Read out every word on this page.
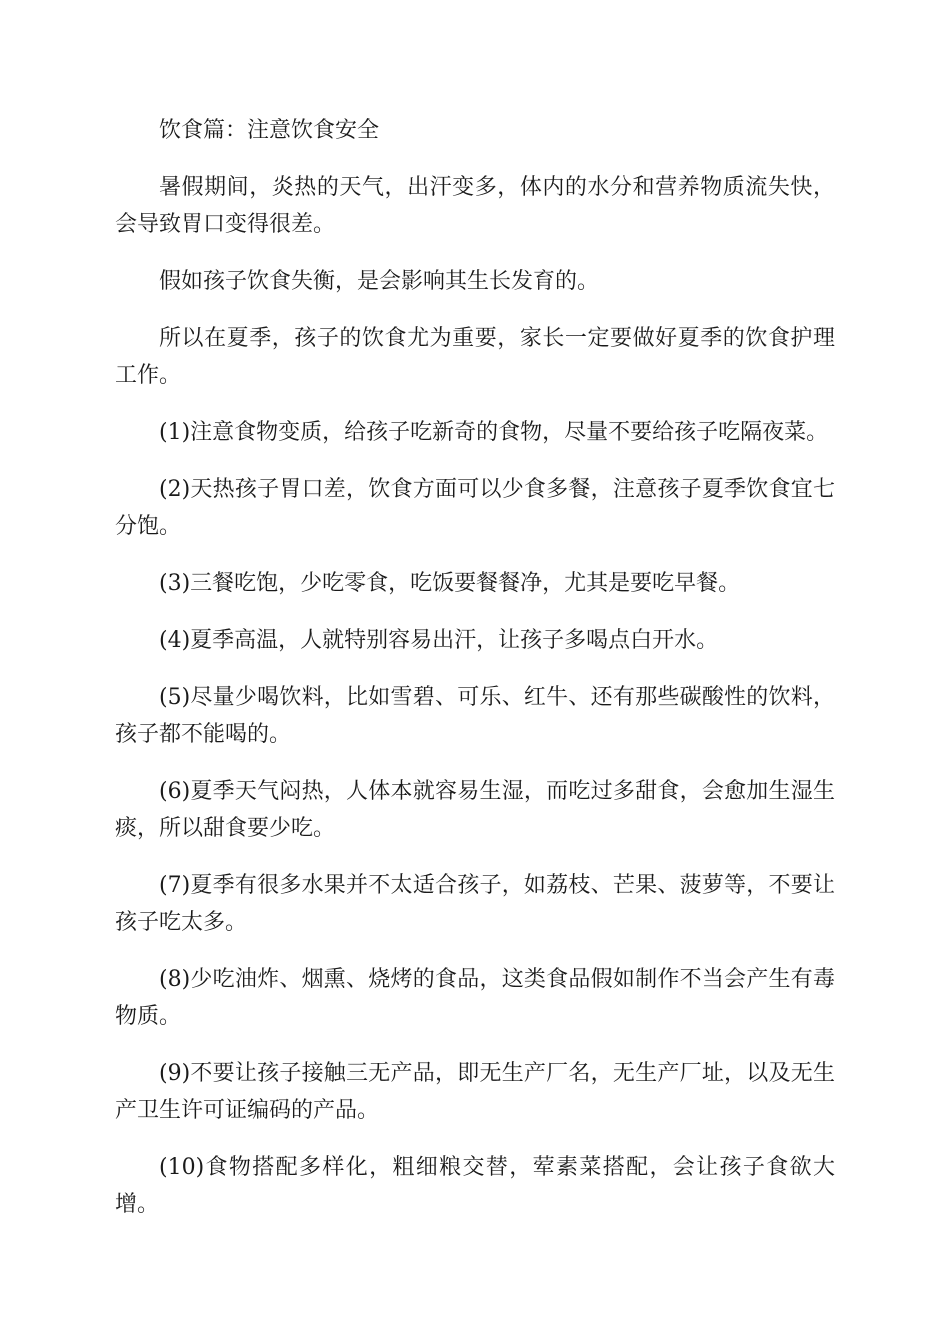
饮食篇：注意饮食安全

暑假期间，炎热的天气，出汗变多，体内的水分和营养物质流失快，会导致胃口变得很差。

假如孩子饮食失衡，是会影响其生长发育的。

所以在夏季，孩子的饮食尤为重要，家长一定要做好夏季的饮食护理工作。

(1)注意食物变质，给孩子吃新奇的食物，尽量不要给孩子吃隔夜菜。

(2)天热孩子胃口差，饮食方面可以少食多餐，注意孩子夏季饮食宜七分饱。

(3)三餐吃饱，少吃零食，吃饭要餐餐净，尤其是要吃早餐。

(4)夏季高温，人就特别容易出汗，让孩子多喝点白开水。

(5)尽量少喝饮料，比如雪碧、可乐、红牛、还有那些碳酸性的饮料，孩子都不能喝的。

(6)夏季天气闷热，人体本就容易生湿，而吃过多甜食，会愈加生湿生痰，所以甜食要少吃。

(7)夏季有很多水果并不太适合孩子，如荔枝、芒果、菠萝等，不要让孩子吃太多。

(8)少吃油炸、烟熏、烧烤的食品，这类食品假如制作不当会产生有毒物质。

(9)不要让孩子接触三无产品，即无生产厂名，无生产厂址，以及无生产卫生许可证编码的产品。

(10)食物搭配多样化，粗细粮交替，荤素菜搭配，会让孩子食欲大增。
